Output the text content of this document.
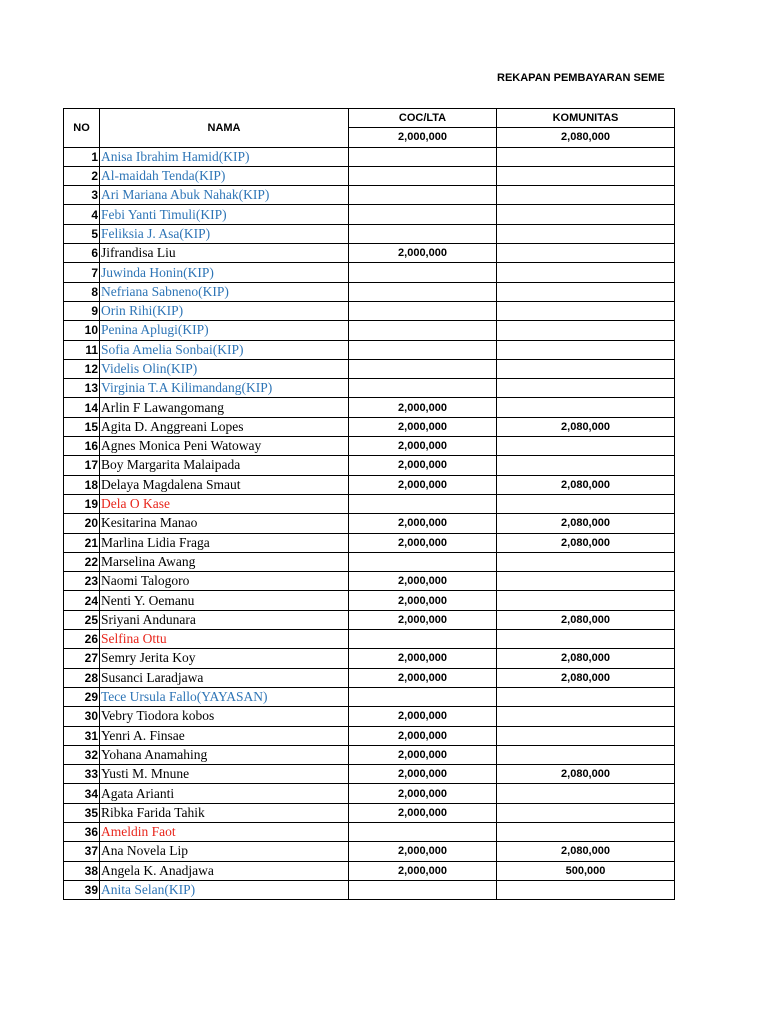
REKAPAN PEMBAYARAN SEME
NO	NAMA	COC/LTA	KOMUNITAS
		2,000,000	2,080,000
1	Anisa Ibrahim Hamid(KIP)		
2	Al-maidah Tenda(KIP)		
3	Ari Mariana Abuk Nahak(KIP)		
4	Febi Yanti Timuli(KIP)		
5	Feliksia J. Asa(KIP)		
6	Jifrandisa Liu	2,000,000	
7	Juwinda Honin(KIP)		
8	Nefriana Sabneno(KIP)		
9	Orin Rihi(KIP)		
10	Penina Aplugi(KIP)		
11	Sofia Amelia Sonbai(KIP)		
12	Videlis Olin(KIP)		
13	Virginia T.A Kilimandang(KIP)		
14	Arlin F Lawangomang	2,000,000	
15	Agita D. Anggreani Lopes	2,000,000	2,080,000
16	Agnes Monica Peni Watoway	2,000,000	
17	Boy Margarita Malaipada	2,000,000	
18	Delaya Magdalena Smaut	2,000,000	2,080,000
19	Dela O Kase		
20	Kesitarina Manao	2,000,000	2,080,000
21	Marlina Lidia Fraga	2,000,000	2,080,000
22	Marselina Awang		
23	Naomi Talogoro	2,000,000	
24	Nenti Y. Oemanu	2,000,000	
25	Sriyani Andunara	2,000,000	2,080,000
26	Selfina Ottu		
27	Semry Jerita Koy	2,000,000	2,080,000
28	Susanci Laradjawa	2,000,000	2,080,000
29	Tece Ursula Fallo(YAYASAN)		
30	Vebry Tiodora kobos	2,000,000	
31	Yenri A. Finsae	2,000,000	
32	Yohana Anamahing	2,000,000	
33	Yusti M. Mnune	2,000,000	2,080,000
34	Agata Arianti	2,000,000	
35	Ribka Farida Tahik	2,000,000	
36	Ameldin Faot		
37	Ana Novela Lip	2,000,000	2,080,000
38	Angela K. Anadjawa	2,000,000	500,000
39	Anita Selan(KIP)		
